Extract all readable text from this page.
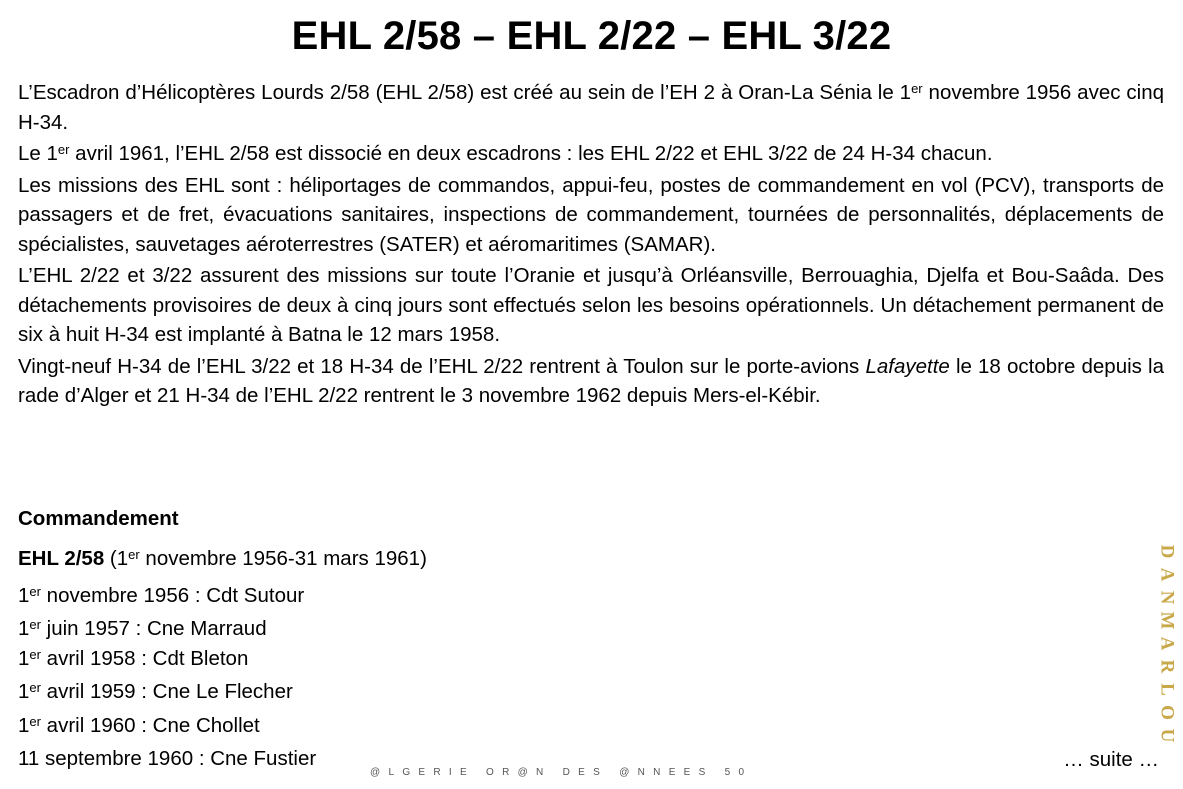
EHL 2/58 – EHL 2/22 – EHL 3/22

L’Escadron d’Hélicoptères Lourds 2/58 (EHL 2/58) est créé au sein de l’EH 2 à Oran-La Sénia le 1er novembre 1956 avec cinq H-34.

Le 1er avril 1961, l’EHL 2/58 est dissocié en deux escadrons : les EHL 2/22 et EHL 3/22 de 24 H-34 chacun.

Les missions des EHL sont : héliportages de commandos, appui-feu, postes de commandement en vol (PCV), transports de passagers et de fret, évacuations sanitaires, inspections de commandement, tournées de personnalités, déplacements de spécialistes, sauvetages aéroterrestres (SATER) et aéromaritimes (SAMAR).

L’EHL 2/22 et 3/22 assurent des missions sur toute l’Oranie et jusqu’à Orléansville, Berrouaghia, Djelfa et Bou-Saâda. Des détachements provisoires de deux à cinq jours sont effectués selon les besoins opérationnels. Un détachement permanent de six à huit H-34 est implanté à Batna le 12 mars 1958.

Vingt-neuf H-34 de l’EHL 3/22 et 18 H-34 de l’EHL 2/22 rentrent à Toulon sur le porte-avions Lafayette le 18 octobre depuis la rade d’Alger et 21 H-34 de l’EHL 2/22 rentrent le 3 novembre 1962 depuis Mers-el-Kébir.

Commandement
EHL 2/58 (1er novembre 1956-31 mars 1961)
1er novembre 1956 : Cdt Sutour
1er juin 1957 : Cne Marraud
1er avril 1958 : Cdt Bleton
1er avril 1959 : Cne Le Flecher
1er avril 1960 : Cne Chollet
11 septembre 1960 : Cne Fustier	… suite …
@LGERIE OR@N DES @NNEES 50
D
A
N
M
A
R
L
O
U
